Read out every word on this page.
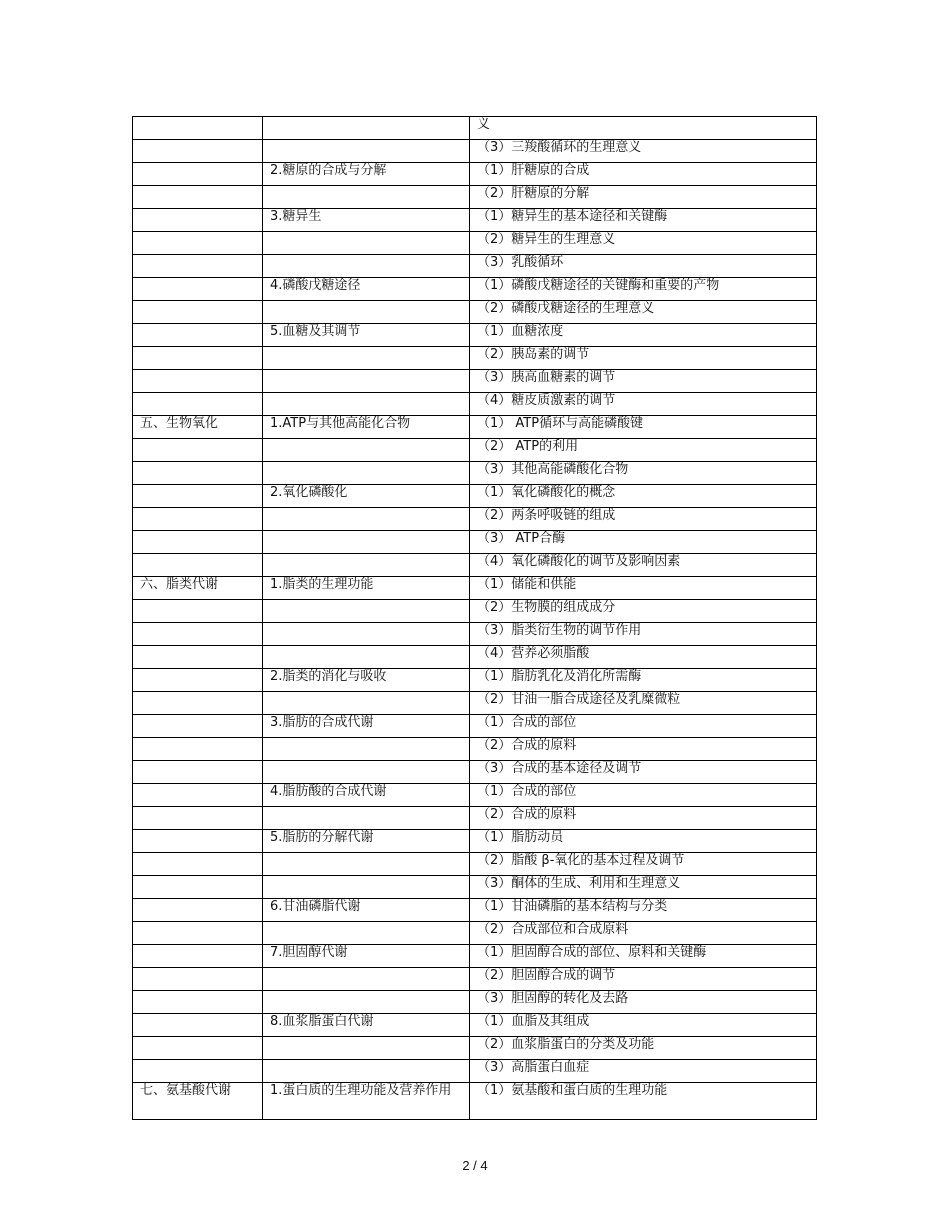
		义
		（3）三羧酸循环的生理意义
	2.糖原的合成与分解	（1）肝糖原的合成
		（2）肝糖原的分解
	3.糖异生	（1）糖异生的基本途径和关键酶
		（2）糖异生的生理意义
		（3）乳酸循环
	4.磷酸戊糖途径	（1）磷酸戊糖途径的关键酶和重要的产物
		（2）磷酸戊糖途径的生理意义
	5.血糖及其调节	（1）血糖浓度
		（2）胰岛素的调节
		（3）胰高血糖素的调节
		（4）糖皮质激素的调节
五、生物氧化	1.ATP与其他高能化合物	（1） ATP循环与高能磷酸键
		（2） ATP的利用
		（3）其他高能磷酸化合物
	2.氧化磷酸化	（1）氧化磷酸化的概念
		（2）两条呼吸链的组成
		（3） ATP合酶
		（4）氧化磷酸化的调节及影响因素
六、脂类代谢	1.脂类的生理功能	（1）储能和供能
		（2）生物膜的组成成分
		（3）脂类衍生物的调节作用
		（4）营养必须脂酸
	2.脂类的消化与吸收	（1）脂肪乳化及消化所需酶
		（2）甘油一脂合成途径及乳糜微粒
	3.脂肪的合成代谢	（1）合成的部位
		（2）合成的原料
		（3）合成的基本途径及调节
	4.脂肪酸的合成代谢	（1）合成的部位
		（2）合成的原料
	5.脂肪的分解代谢	（1）脂肪动员
		（2）脂酸 β-氧化的基本过程及调节
		（3）酮体的生成、利用和生理意义
	6.甘油磷脂代谢	（1）甘油磷脂的基本结构与分类
		（2）合成部位和合成原料
	7.胆固醇代谢	（1）胆固醇合成的部位、原料和关键酶
		（2）胆固醇合成的调节
		（3）胆固醇的转化及去路
	8.血浆脂蛋白代谢	（1）血脂及其组成
		（2）血浆脂蛋白的分类及功能
		（3）高脂蛋白血症
七、氨基酸代谢	1.蛋白质的生理功能及营养作用	（1）氨基酸和蛋白质的生理功能
2 / 4
